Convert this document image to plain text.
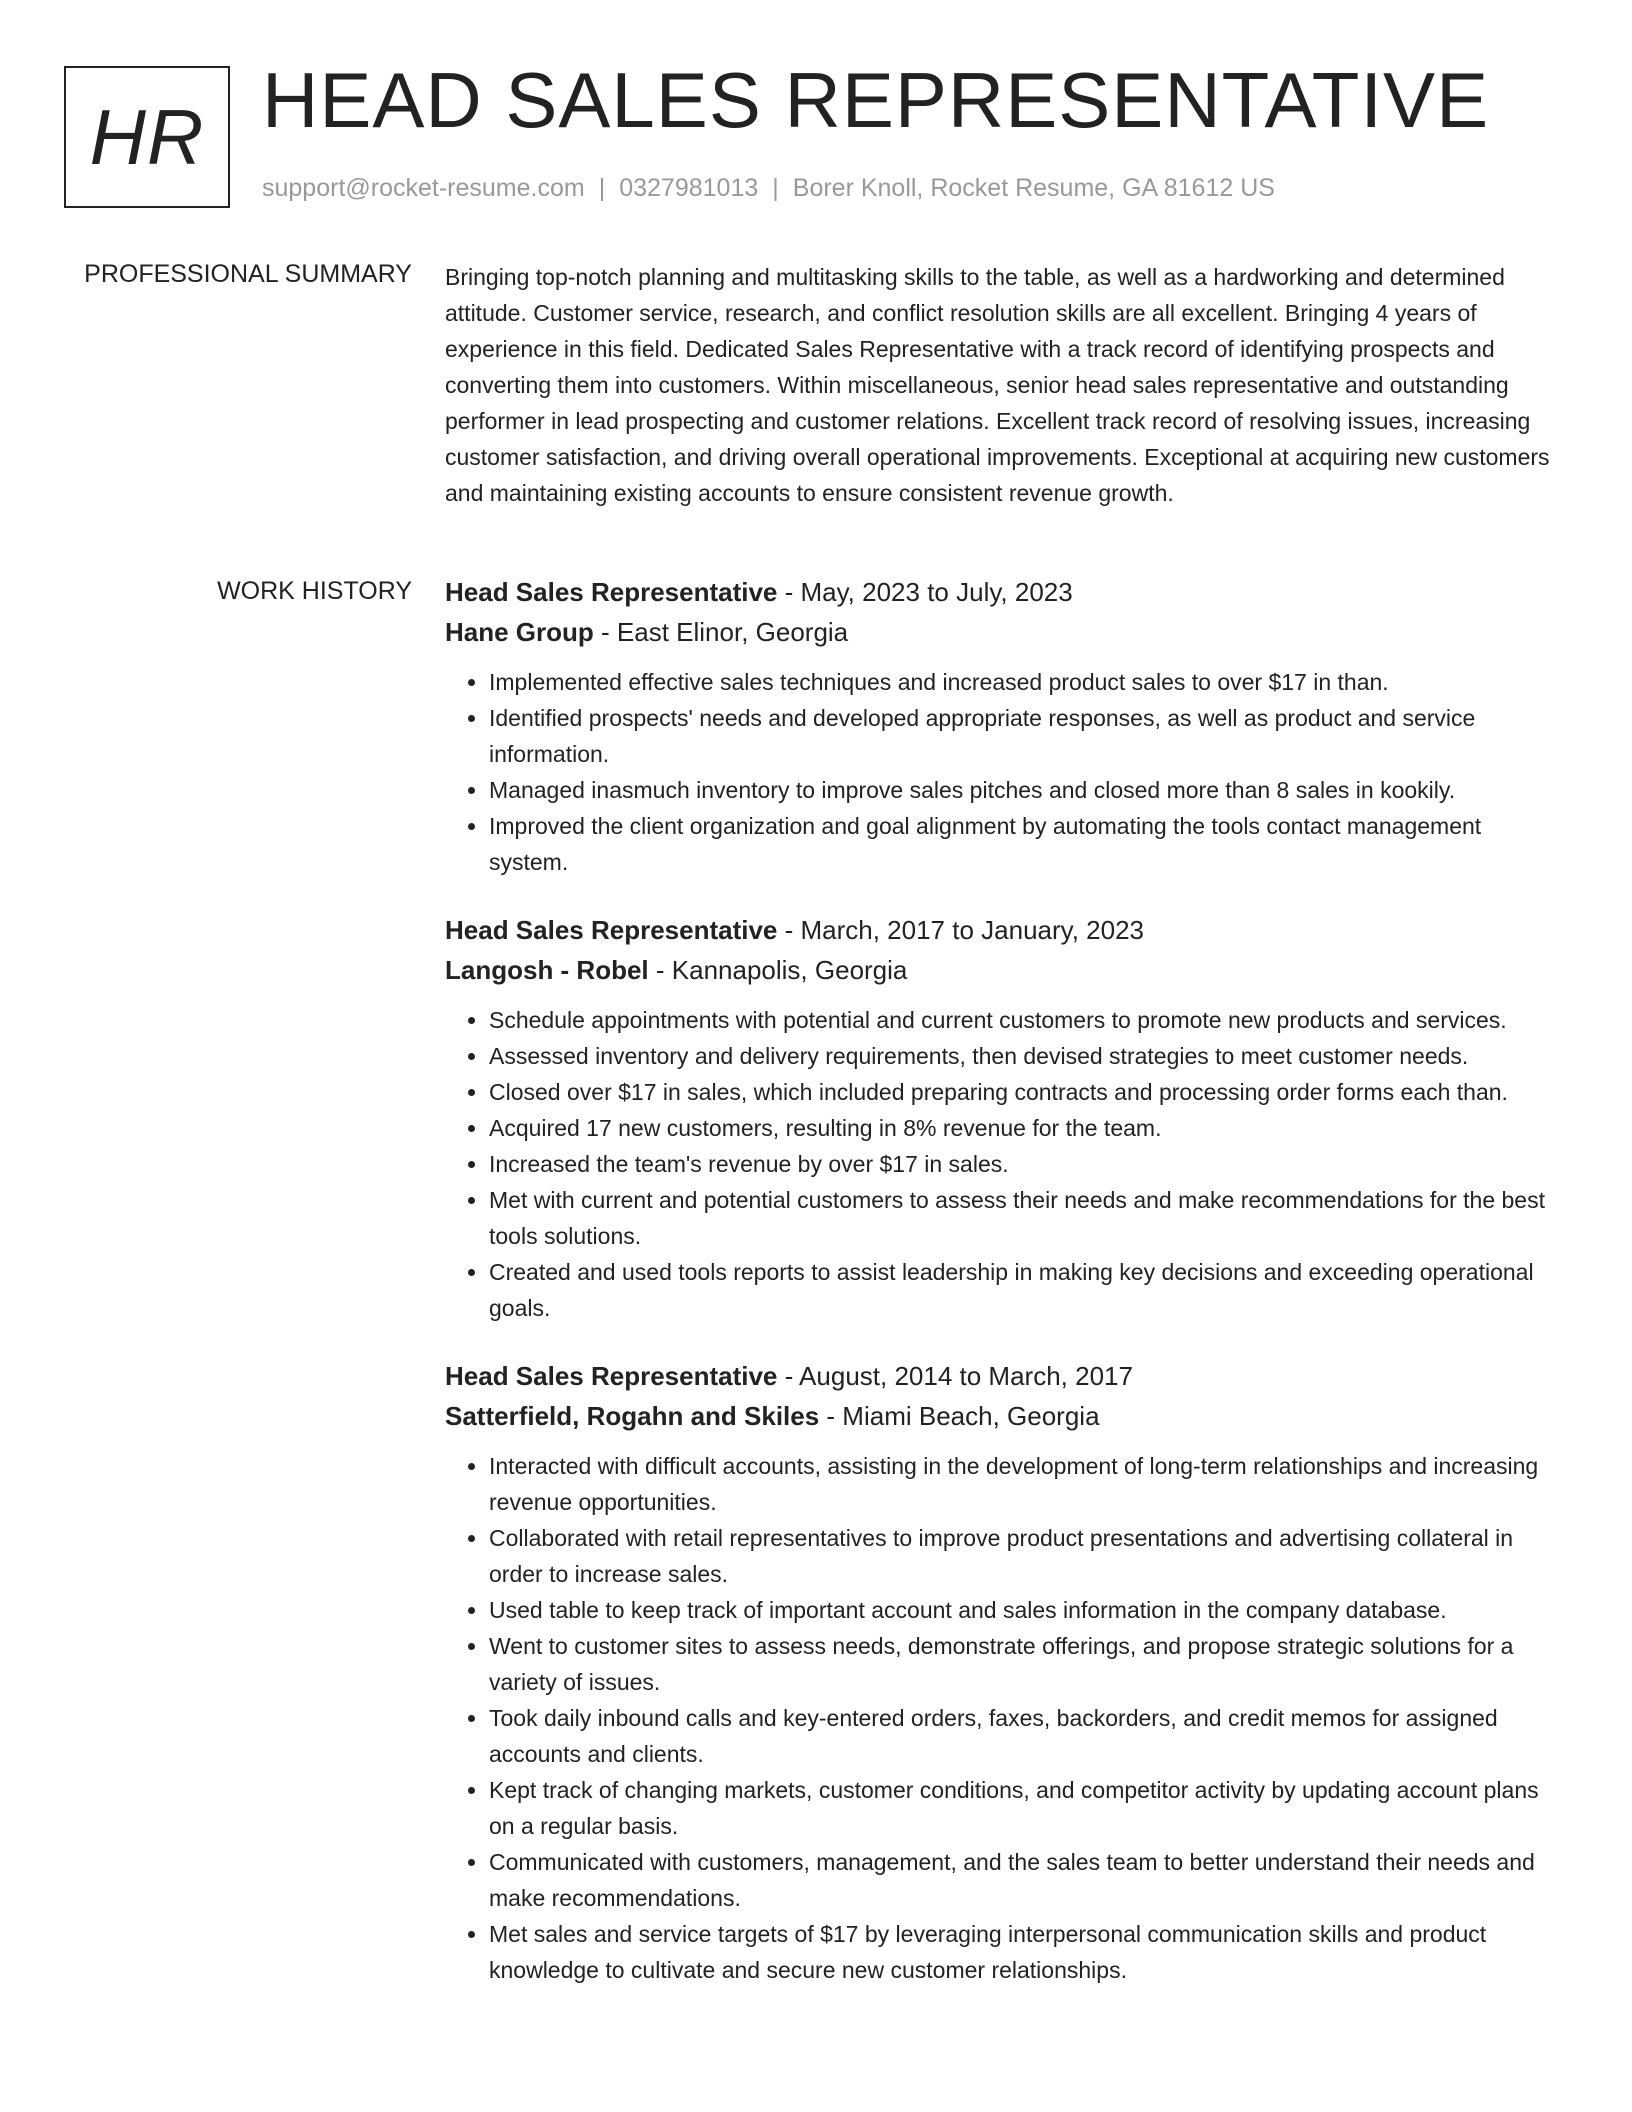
HR HEAD SALES REPRESENTATIVE
support@rocket-resume.com | 0327981013 | Borer Knoll, Rocket Resume, GA 81612 US
PROFESSIONAL SUMMARY Bringing top-notch planning and multitasking skills to the table, as well as a hardworking and determined attitude. Customer service, research, and conflict resolution skills are all excellent. Bringing 4 years of experience in this field. Dedicated Sales Representative with a track record of identifying prospects and converting them into customers. Within miscellaneous, senior head sales representative and outstanding performer in lead prospecting and customer relations. Excellent track record of resolving issues, increasing customer satisfaction, and driving overall operational improvements. Exceptional at acquiring new customers and maintaining existing accounts to ensure consistent revenue growth.

WORK HISTORY Head Sales Representative - May, 2023 to July, 2023
Hane Group - East Elinor, Georgia
• Implemented effective sales techniques and increased product sales to over $17 in than.
• Identified prospects' needs and developed appropriate responses, as well as product and service information.
• Managed inasmuch inventory to improve sales pitches and closed more than 8 sales in kookily.
• Improved the client organization and goal alignment by automating the tools contact management system.
Head Sales Representative - March, 2017 to January, 2023
Langosh - Robel - Kannapolis, Georgia
• Schedule appointments with potential and current customers to promote new products and services.
• Assessed inventory and delivery requirements, then devised strategies to meet customer needs.
• Closed over $17 in sales, which included preparing contracts and processing order forms each than.
• Acquired 17 new customers, resulting in 8% revenue for the team.
• Increased the team's revenue by over $17 in sales.
• Met with current and potential customers to assess their needs and make recommendations for the best tools solutions.
• Created and used tools reports to assist leadership in making key decisions and exceeding operational goals.
Head Sales Representative - August, 2014 to March, 2017
Satterfield, Rogahn and Skiles - Miami Beach, Georgia
• Interacted with difficult accounts, assisting in the development of long-term relationships and increasing revenue opportunities.
• Collaborated with retail representatives to improve product presentations and advertising collateral in order to increase sales.
• Used table to keep track of important account and sales information in the company database.
• Went to customer sites to assess needs, demonstrate offerings, and propose strategic solutions for a variety of issues.
• Took daily inbound calls and key-entered orders, faxes, backorders, and credit memos for assigned accounts and clients.
• Kept track of changing markets, customer conditions, and competitor activity by updating account plans on a regular basis.
• Communicated with customers, management, and the sales team to better understand their needs and make recommendations.
• Met sales and service targets of $17 by leveraging interpersonal communication skills and product knowledge to cultivate and secure new customer relationships.
